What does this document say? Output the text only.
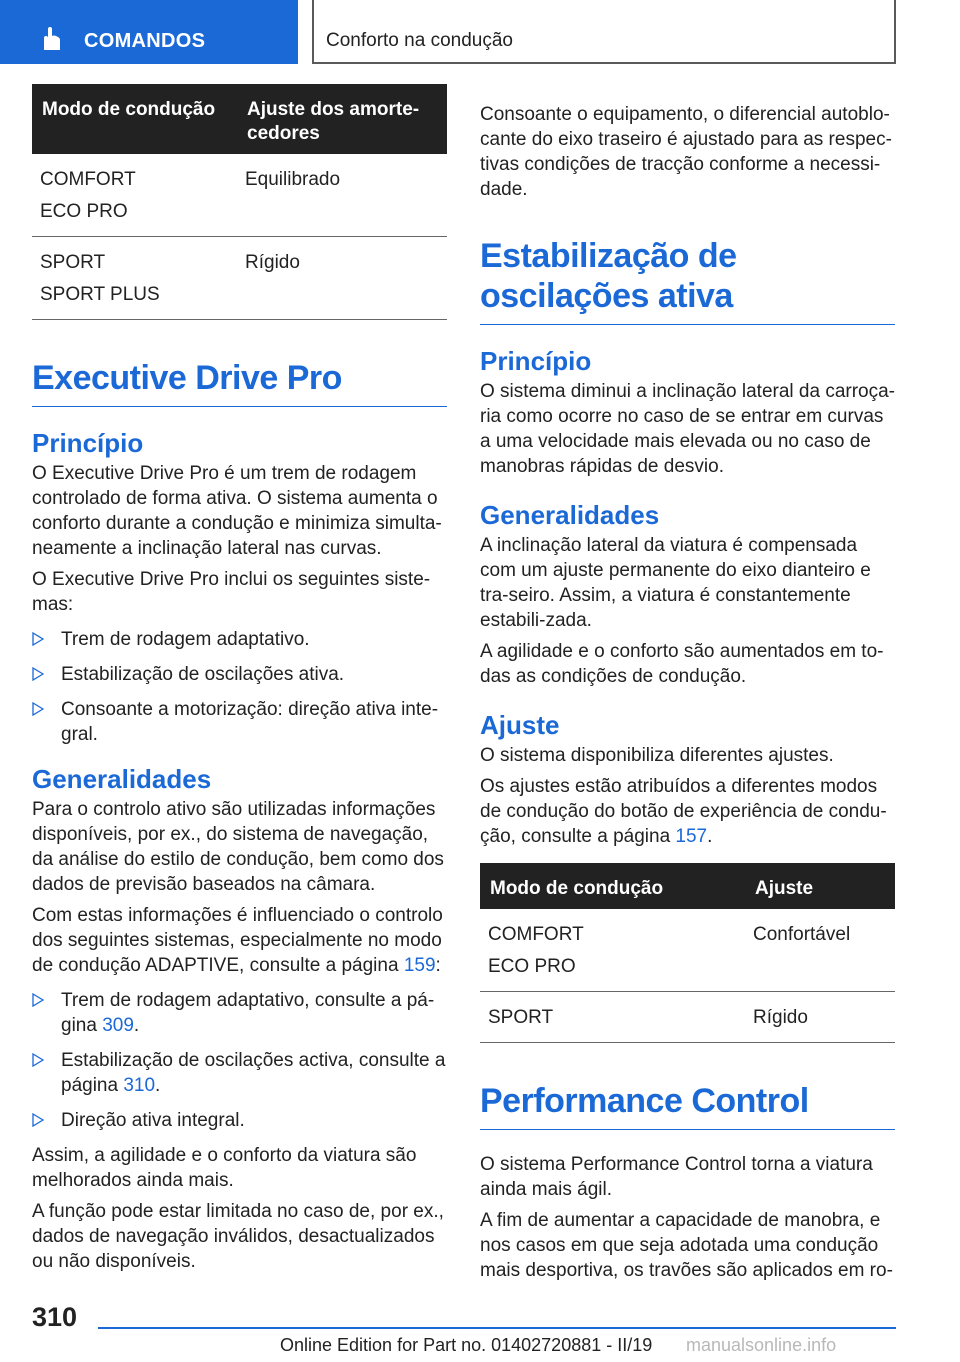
COMANDOS	Conforto na condução
Modo de condução	Ajuste dos amorte-cedores

COMFORT
ECO PRO	Equilibrado

SPORT
SPORT PLUS	Rígido
Executive Drive Pro
Princípio

O Executive Drive Pro é um trem de rodagem controlado de forma ativa. O sistema aumenta o conforto durante a condução e minimiza simulta-neamente a inclinação lateral nas curvas.

O Executive Drive Pro inclui os seguintes siste-mas:

Trem de rodagem adaptativo.
Estabilização de oscilações ativa.
Consoante a motorização: direção ativa inte-gral.
Generalidades

Para o controlo ativo são utilizadas informações disponíveis, por ex., do sistema de navegação, da análise do estilo de condução, bem como dos dados de previsão baseados na câmara.

Com estas informações é influenciado o controlo dos seguintes sistemas, especialmente no modo de condução ADAPTIVE, consulte a página 159:

Trem de rodagem adaptativo, consulte a pá-gina 309.
Estabilização de oscilações activa, consulte a página 310.
Direção ativa integral.

Assim, a agilidade e o conforto da viatura são melhorados ainda mais.

A função pode estar limitada no caso de, por ex., dados de navegação inválidos, desactualizados ou não disponíveis.

Consoante o equipamento, o diferencial autoblo-cante do eixo traseiro é ajustado para as respec-tivas condições de tracção conforme a necessi-dade.

Estabilização de oscilações ativa
Princípio

O sistema diminui a inclinação lateral da carroça-ria como ocorre no caso de se entrar em curvas a uma velocidade mais elevada ou no caso de manobras rápidas de desvio.

Generalidades

A inclinação lateral da viatura é compensada com um ajuste permanente do eixo dianteiro e tra-seiro. Assim, a viatura é constantemente estabili-zada.

A agilidade e o conforto são aumentados em to-das as condições de condução.

Ajuste

O sistema disponibiliza diferentes ajustes.

Os ajustes estão atribuídos a diferentes modos de condução do botão de experiência de condu-ção, consulte a página 157.

Modo de condução	Ajuste

COMFORT
ECO PRO	Confortável

SPORT	Rígido
Performance Control

O sistema Performance Control torna a viatura ainda mais ágil.

A fim de aumentar a capacidade de manobra, e nos casos em que seja adotada uma condução mais desportiva, os travões são aplicados em ro-

310
Online Edition for Part no. 01402720881 - II/19 manualsonline.info
